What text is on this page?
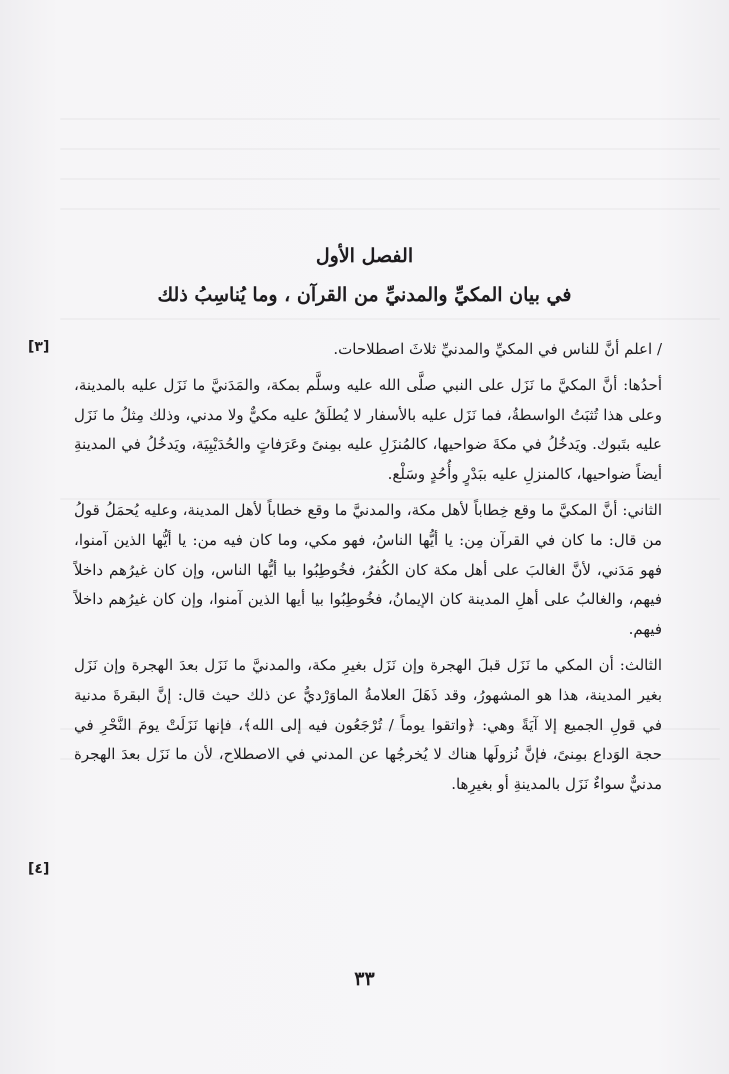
الفصل الأول
في بيان المكيِّ والمدنيِّ من القرآن ، وما يُناسِبُ ذلك
[٣]
[٤]

/ اعلم أنَّ للناس في المكيِّ والمدنيِّ ثلاثَ اصطلاحات.

أحدُها: أنَّ المكيَّ ما نَزَل على النبي صلَّى الله عليه وسلَّم بمكة، والمَدَنيَّ ما نَزَل عليه بالمدينة، وعلى هذا تُثبَتُ الواسطةُ، فما نَزَل عليه بالأسفار لا يُطلَقُ عليه مكيٌّ ولا مدني، وذلك مِثلُ ما نَزَل عليه بتَبوك. ويَدخُلُ في مكةَ ضواحيها، كالمُنزَلِ عليه بمِنىً وعَرَفاتٍ والحُدَيْبِيَة، ويَدخُلُ في المدينةِ أيضاً ضواحيها، كالمنزلِ عليه ببَدْرٍ وأُحُدٍ وسَلْع.

الثاني: أنَّ المكيَّ ما وقع خِطاباً لأهل مكة، والمدنيَّ ما وقع خطاباً لأهل المدينة، وعليه يُحمَلُ قولُ من قال: ما كان في القرآن مِن: يا أيُّها الناسُ، فهو مكي، وما كان فيه من: يا أيُّها الذين آمنوا، فهو مَدَني، لأنَّ الغالبَ على أهل مكة كان الكُفرُ، فخُوطِبُوا بيا أيُّها الناس، وإن كان غيرُهم داخلاً فيهم، والغالبُ على أهلِ المدينة كان الإيمانُ، فخُوطِبُوا بيا أيها الذين آمنوا، وإن كان غيرُهم داخلاً فيهم.

الثالث: أن المكي ما نَزَل قبلَ الهجرة وإن نَزَل بغيرِ مكة، والمدنيَّ ما نَزَل بعدَ الهجرة وإن نَزَل بغير المدينة، هذا هو المشهورُ، وقد ذَهَلَ العلامةُ الماوَرْديُّ عن ذلك حيث قال: إنَّ البقرةَ مدنية في قولِ الجميع إلا آيَةً وهي: ﴿واتقوا يوماً / تُرْجَعُون فيه إلى الله﴾، فإنها نَزَلَتْ يومَ النَّحْرِ في حجة الوَداع بمِنىً، فإنَّ نُزولَها هناك لا يُخرجُها عن المدني في الاصطلاح، لأن ما نَزَل بعدَ الهجرة مدنيٌّ سواءٌ نَزَل بالمدينةِ أو بغيرِها.

٣٣
